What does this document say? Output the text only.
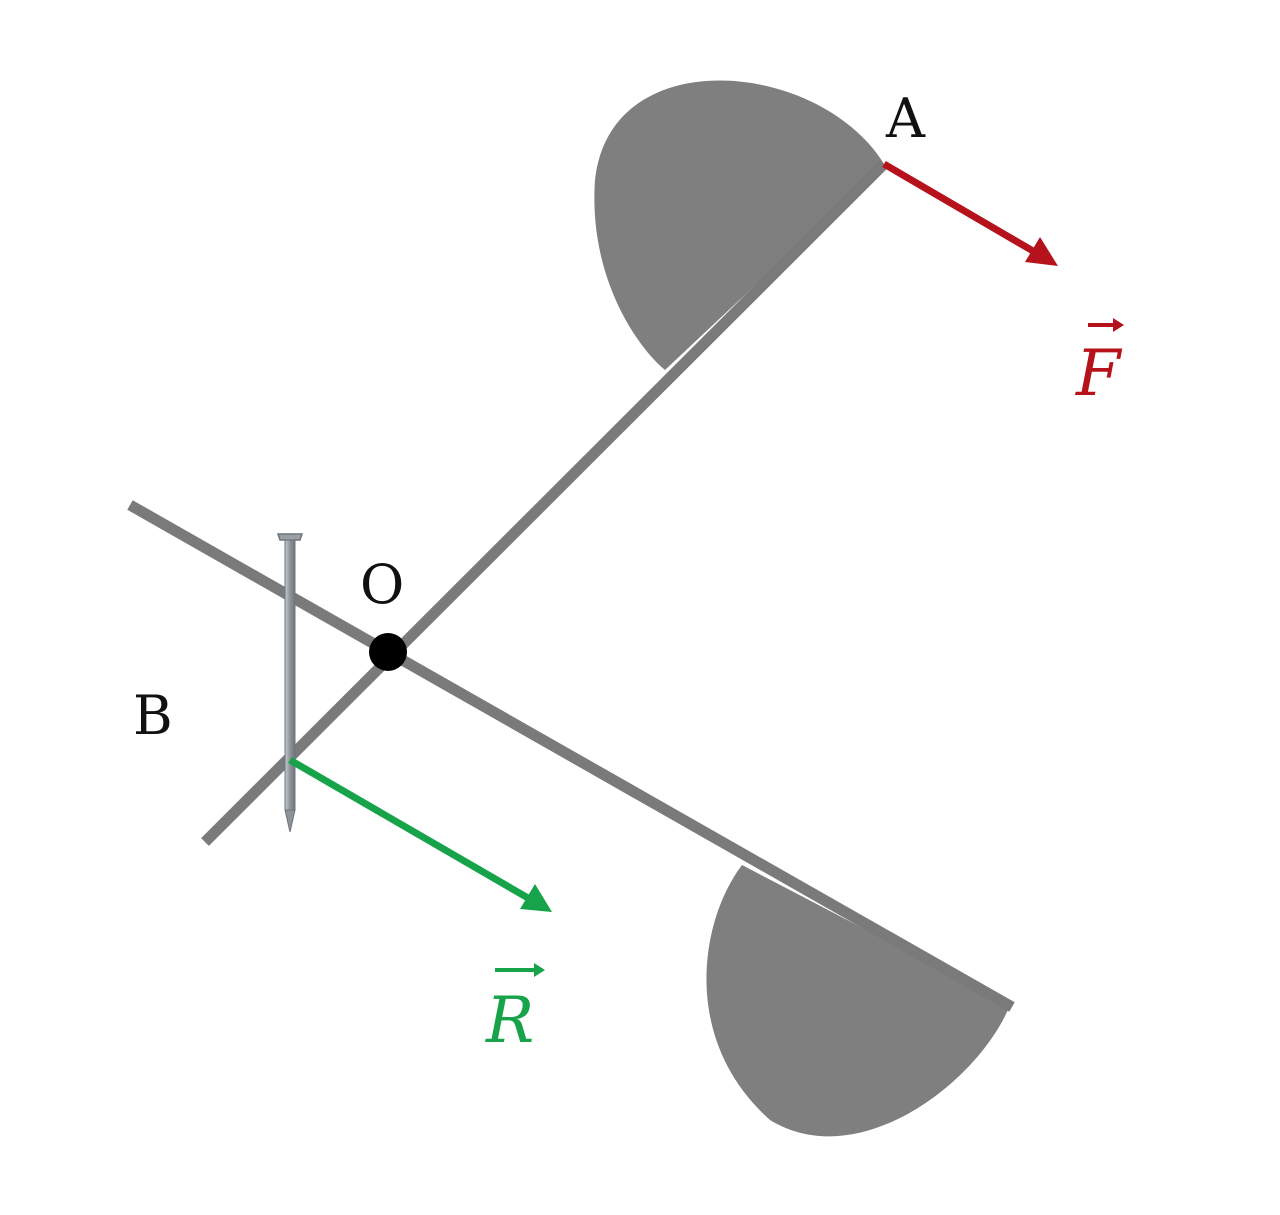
A
O
B
F
R
